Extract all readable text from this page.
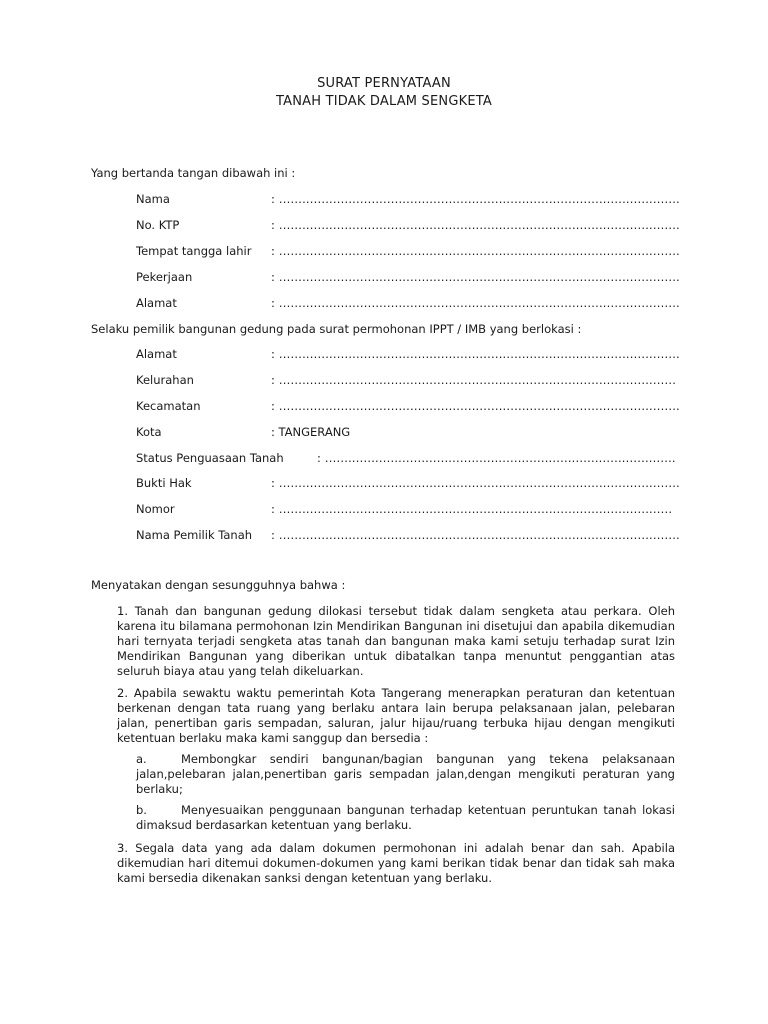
SURAT PERNYATAAN
TANAH TIDAK DALAM SENGKETA
Yang bertanda tangan dibawah ini :
Nama	: ........................................................................................................
No. KTP	: ........................................................................................................
Tempat tangga lahir : ........................................................................................................
Pekerjaan	: ........................................................................................................
Alamat	: ........................................................................................................
Selaku pemilik bangunan gedung pada surat permohonan IPPT / IMB yang berlokasi :
Alamat	: ........................................................................................................
Kelurahan	: .......................................................................................................
Kecamatan	: ........................................................................................................
Kota	: TANGERANG
Status Penguasaan Tanah	: ...........................................................................................
Bukti Hak	: ........................................................................................................
Nomor	: ......................................................................................................
Nama Pemilik Tanah : ........................................................................................................
Menyatakan dengan sesungguhnya bahwa :
1. Tanah dan bangunan gedung dilokasi tersebut tidak dalam sengketa atau perkara. Oleh karena itu bilamana permohonan Izin Mendirikan Bangunan ini disetujui dan apabila dikemudian hari ternyata terjadi sengketa atas tanah dan bangunan maka kami setuju terhadap surat Izin Mendirikan Bangunan yang diberikan untuk dibatalkan tanpa menuntut penggantian atas seluruh biaya atau yang telah dikeluarkan.
2. Apabila sewaktu waktu pemerintah Kota Tangerang menerapkan peraturan dan ketentuan berkenan dengan tata ruang yang berlaku antara lain berupa pelaksanaan jalan, pelebaran jalan, penertiban garis sempadan, saluran, jalur hijau/ruang terbuka hijau dengan mengikuti ketentuan berlaku maka kami sanggup dan bersedia :
a.	Membongkar sendiri bangunan/bagian bangunan yang tekena pelaksanaan jalan,pelebaran jalan,penertiban garis sempadan jalan,dengan mengikuti peraturan yang berlaku;
b.	Menyesuaikan penggunaan bangunan terhadap ketentuan peruntukan tanah lokasi dimaksud berdasarkan ketentuan yang berlaku.
3. Segala data yang ada dalam dokumen permohonan ini adalah benar dan sah. Apabila dikemudian hari ditemui dokumen-dokumen yang kami berikan tidak benar dan tidak sah maka kami bersedia dikenakan sanksi dengan ketentuan yang berlaku.
